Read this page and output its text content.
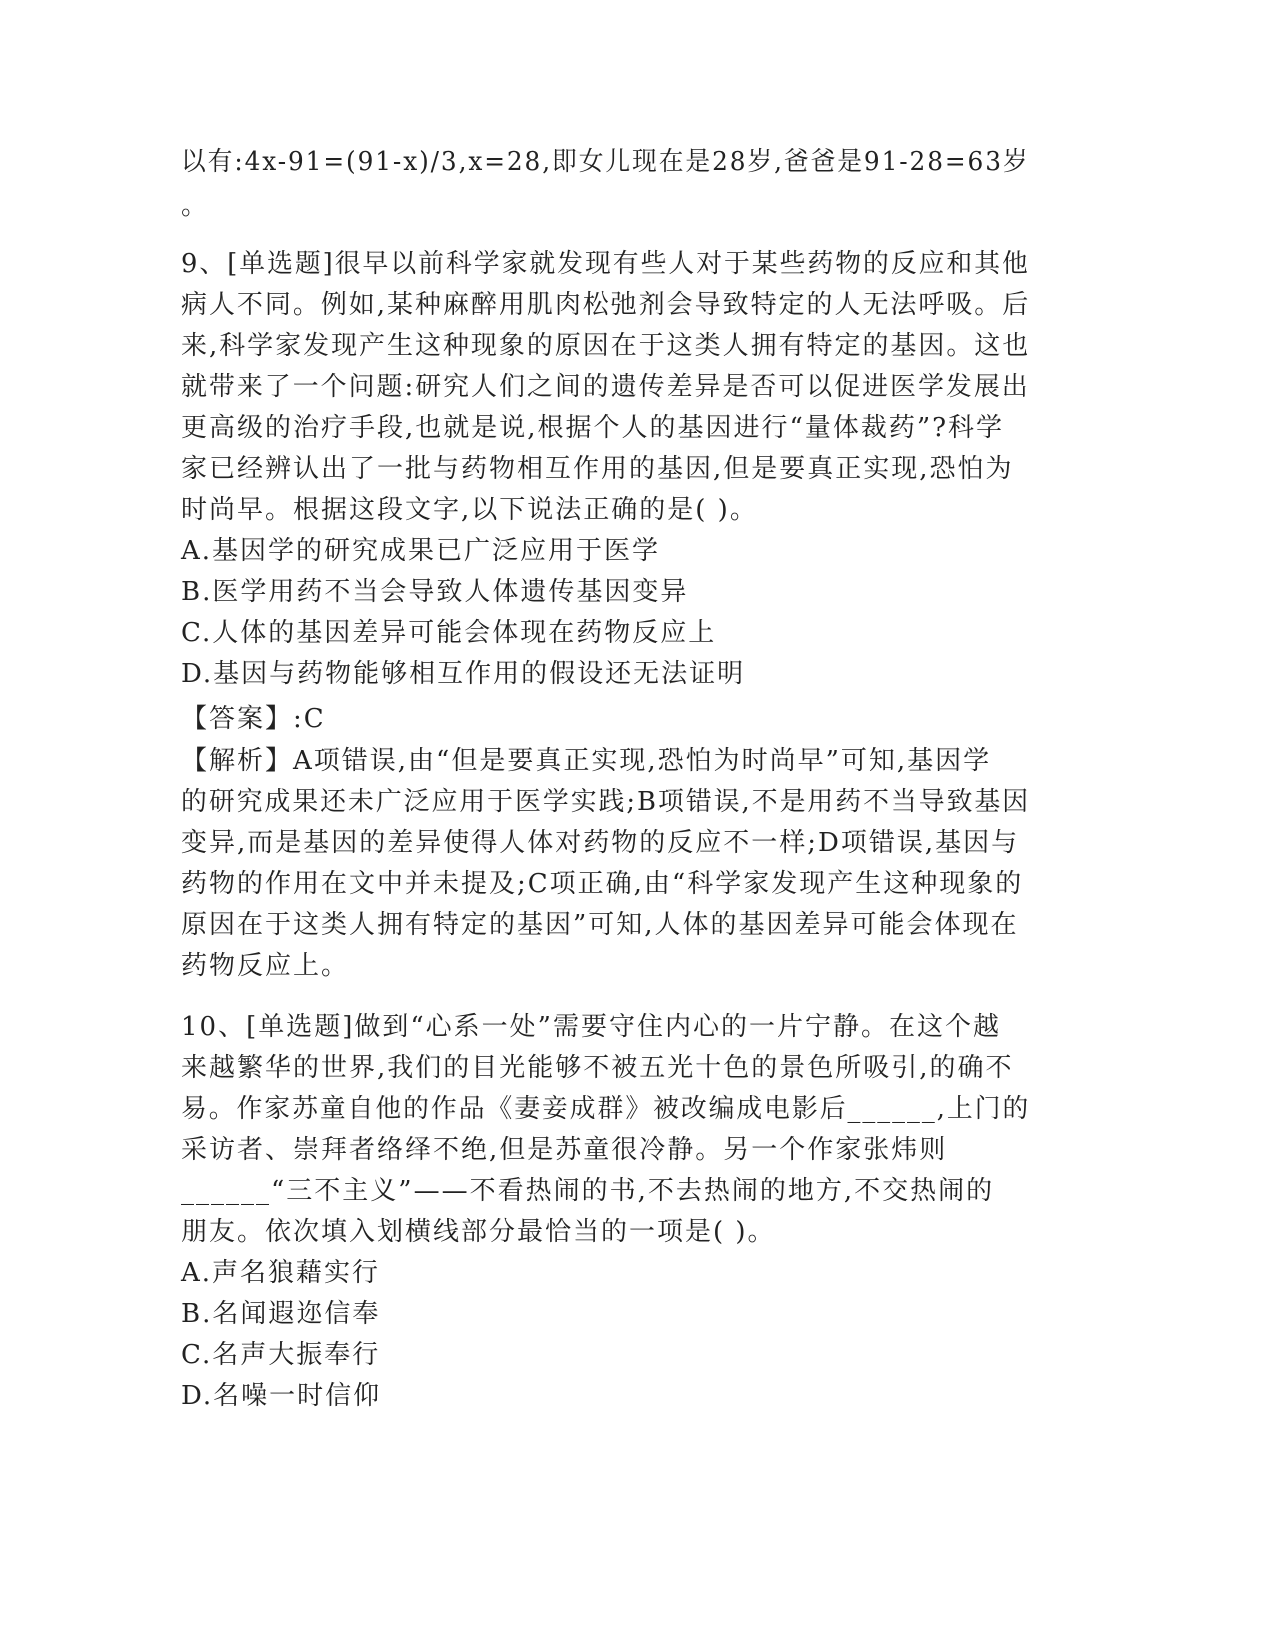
以有:4x-91=(91-x)/3,x=28,即女儿现在是28岁,爸爸是91-28=63岁
。
9、[单选题]很早以前科学家就发现有些人对于某些药物的反应和其他
病人不同。例如,某种麻醉用肌肉松弛剂会导致特定的人无法呼吸。后
来,科学家发现产生这种现象的原因在于这类人拥有特定的基因。这也
就带来了一个问题:研究人们之间的遗传差异是否可以促进医学发展出
更高级的治疗手段,也就是说,根据个人的基因进行“量体裁药”?科学
家已经辨认出了一批与药物相互作用的基因,但是要真正实现,恐怕为
时尚早。根据这段文字,以下说法正确的是( )。
A.基因学的研究成果已广泛应用于医学
B.医学用药不当会导致人体遗传基因变异
C.人体的基因差异可能会体现在药物反应上
D.基因与药物能够相互作用的假设还无法证明
【答案】:C
【解析】A项错误,由“但是要真正实现,恐怕为时尚早”可知,基因学
的研究成果还未广泛应用于医学实践;B项错误,不是用药不当导致基因
变异,而是基因的差异使得人体对药物的反应不一样;D项错误,基因与
药物的作用在文中并未提及;C项正确,由“科学家发现产生这种现象的
原因在于这类人拥有特定的基因”可知,人体的基因差异可能会体现在
药物反应上。
10、[单选题]做到“心系一处”需要守住内心的一片宁静。在这个越
来越繁华的世界,我们的目光能够不被五光十色的景色所吸引,的确不
易。作家苏童自他的作品《妻妾成群》被改编成电影后______,上门的
采访者、崇拜者络绎不绝,但是苏童很冷静。另一个作家张炜则
______“三不主义”——不看热闹的书,不去热闹的地方,不交热闹的
朋友。依次填入划横线部分最恰当的一项是( )。
A.声名狼藉实行
B.名闻遐迩信奉
C.名声大振奉行
D.名噪一时信仰
